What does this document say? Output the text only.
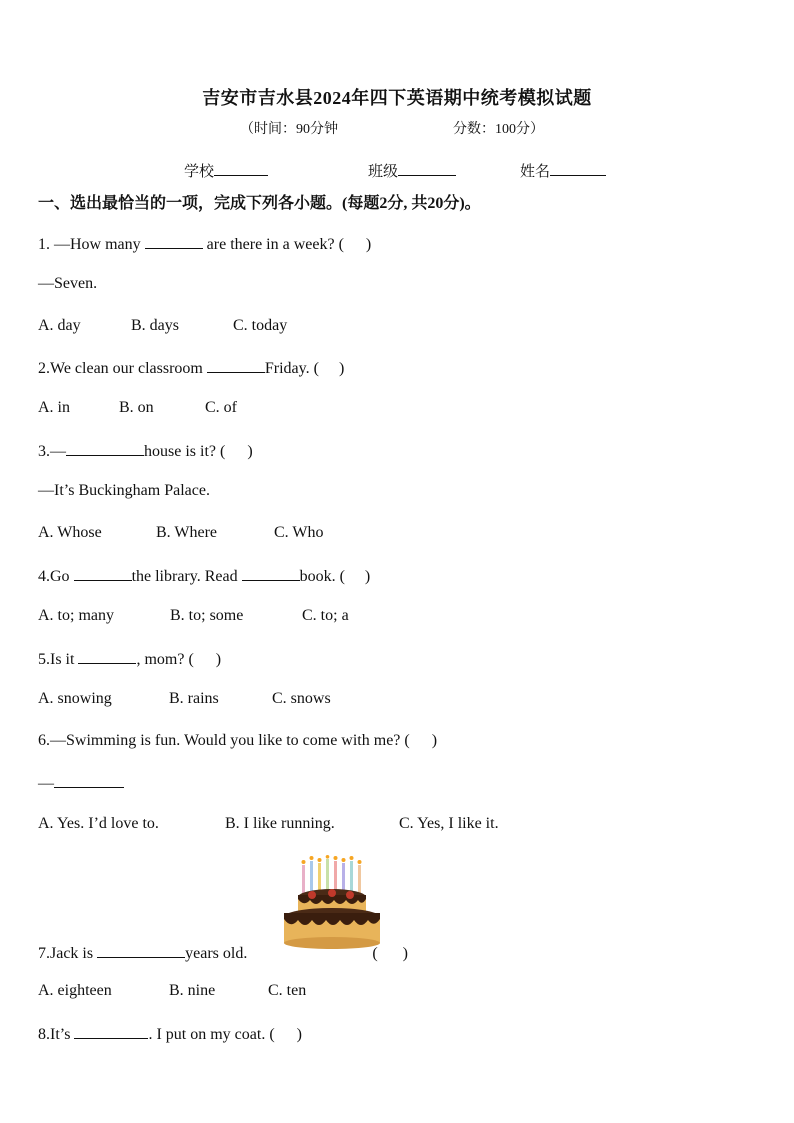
吉安市吉水县2024年四下英语期中统考模拟试题
（时间：90分钟	分数：100分）
学校	班级	姓名
一、选出最恰当的一项，完成下列各小题。(每题2分, 共20分)。
1. —How many	are there in a week? ( )
—Seven.
A. day	B. days	C. today
2.We clean our classroom	Friday. ( )
A. in	B. on	C. of
3.—	house is it? ( )
—It’s Buckingham Palace.
A. Whose	B. Where	C. Who
4.Go	the library. Read	book. ( )
A. to; many	B. to; some	C. to; a
5.Is it	, mom? ( )
A. snowing	B. rains	C. snows
6.—Swimming is fun. Would you like to come with me? ( )
—
A. Yes. I’d love to.	B. I like running.	C. Yes, I like it.
7.Jack is	years old.	( )
A. eighteen	B. nine	C. ten
8.It’s	. I put on my coat. ( )
